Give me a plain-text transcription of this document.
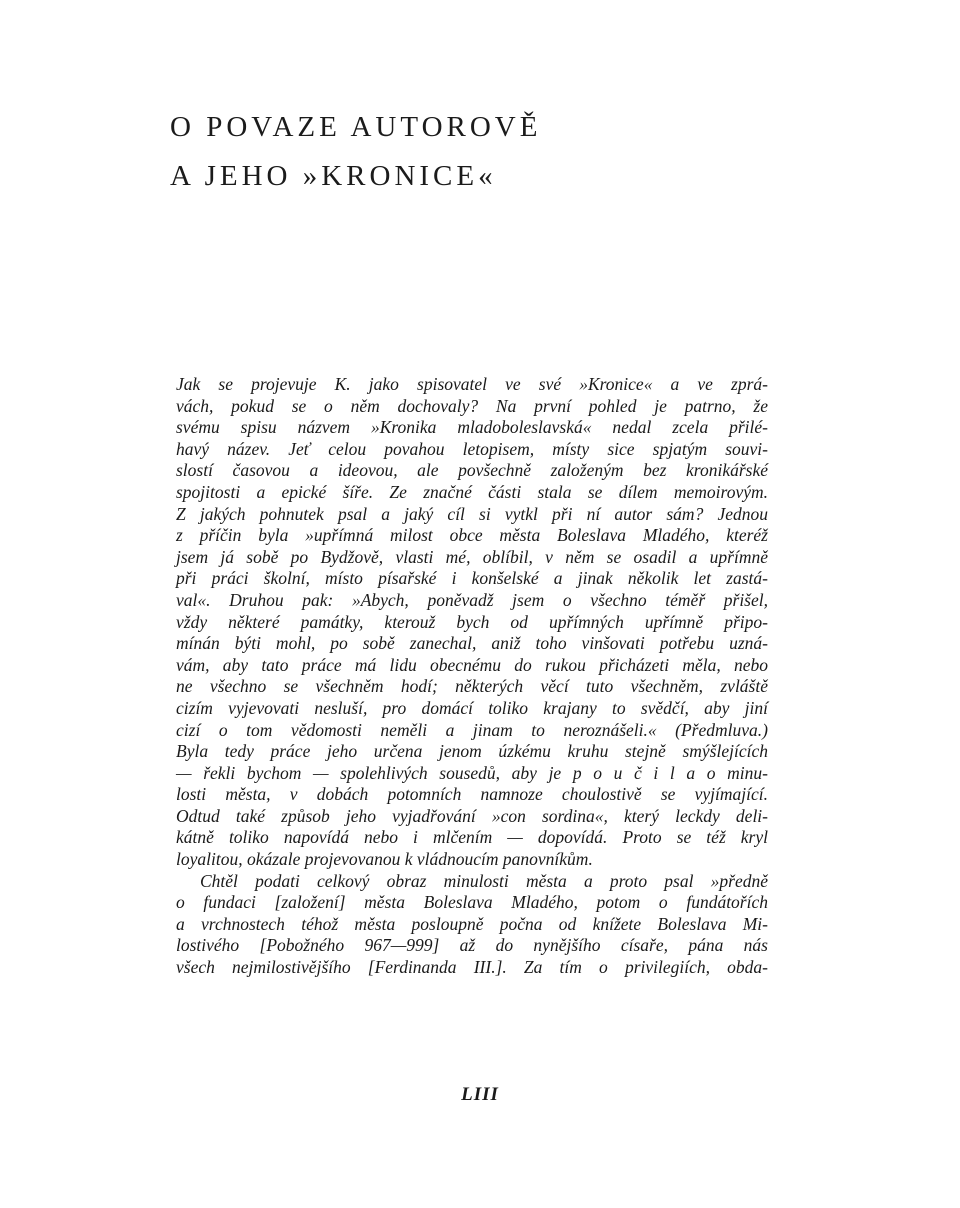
O POVAZE AUTOROVĚ
A JEHO »KRONICE«
Jak se projevuje K. jako spisovatel ve své »Kronice« a ve zprá-
vách, pokud se o něm dochovaly? Na první pohled je patrno, že
svému spisu názvem »Kronika mladoboleslavská« nedal zcela přilé-
havý název. Jeť celou povahou letopisem, místy sice spjatým souvi-
slostí časovou a ideovou, ale povšechně založeným bez kronikářské
spojitosti a epické šíře. Ze značné části stala se dílem memoirovým.
Z jakých pohnutek psal a jaký cíl si vytkl při ní autor sám? Jednou
z příčin byla »upřímná milost obce města Boleslava Mladého, kteréž
jsem já sobě po Bydžově, vlasti mé, oblíbil, v něm se osadil a upřímně
při práci školní, místo písařské i konšelské a jinak několik let zastá-
val«. Druhou pak: »Abych, poněvadž jsem o všechno téměř přišel,
vždy některé památky, kterouž bych od upřímných upřímně připo-
mínán býti mohl, po sobě zanechal, aniž toho vinšovati potřebu uzná-
vám, aby tato práce má lidu obecnému do rukou přicházeti měla, nebo
ne všechno se všechněm hodí; některých věcí tuto všechněm, zvláště
cizím vyjevovati nesluší, pro domácí toliko krajany to svědčí, aby jiní
cizí o tom vědomosti neměli a jinam to neroznášeli.« (Předmluva.)
Byla tedy práce jeho určena jenom úzkému kruhu stejně smýšlejících
— řekli bychom — spolehlivých sousedů, aby je p o u č i l a o minu-
losti města, v dobách potomních namnoze choulostivě se vyjímající.
Odtud také způsob jeho vyjadřování »con sordina«, který leckdy deli-
kátně toliko napovídá nebo i mlčením — dopovídá. Proto se též kryl
loyalitou, okázale projevovanou k vládnoucím panovníkům.
Chtěl podati celkový obraz minulosti města a proto psal »předně
o fundaci [založení] města Boleslava Mladého, potom o fundátořích
a vrchnostech téhož města posloupně počna od knížete Boleslava Mi-
lostivého [Pobožného 967—999] až do nynějšího císaře, pána nás
všech nejmilostivějšího [Ferdinanda III.]. Za tím o privilegiích, obda-
LIII
